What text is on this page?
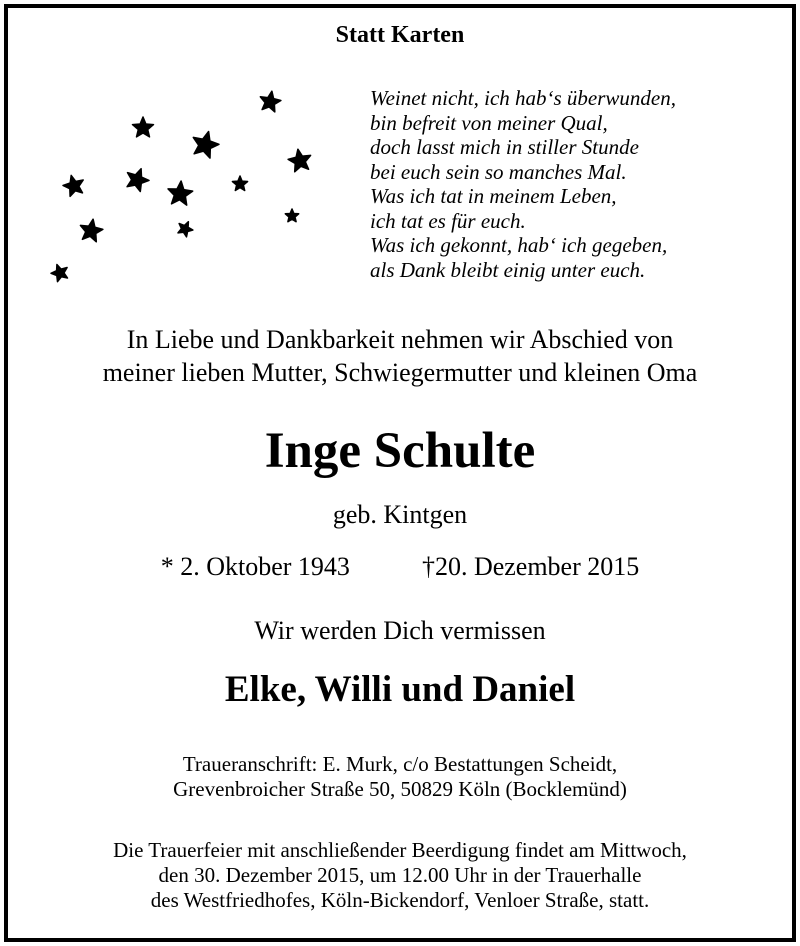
Statt Karten
Weinet nicht, ich hab‘s überwunden,
bin befreit von meiner Qual,
doch lasst mich in stiller Stunde
bei euch sein so manches Mal.
Was ich tat in meinem Leben,
ich tat es für euch.
Was ich gekonnt, hab‘ ich gegeben,
als Dank bleibt einig unter euch.
In Liebe und Dankbarkeit nehmen wir Abschied von
meiner lieben Mutter, Schwiegermutter und kleinen Oma
Inge Schulte
geb. Kintgen
* 2. Oktober 1943	†20. Dezember 2015
Wir werden Dich vermissen
Elke, Willi und Daniel
Traueranschrift: E. Murk, c/o Bestattungen Scheidt,
Grevenbroicher Straße 50, 50829 Köln (Bocklemünd)
Die Trauerfeier mit anschließender Beerdigung findet am Mittwoch,
den 30. Dezember 2015, um 12.00 Uhr in der Trauerhalle
des Westfriedhofes, Köln-Bickendorf, Venloer Straße, statt.
